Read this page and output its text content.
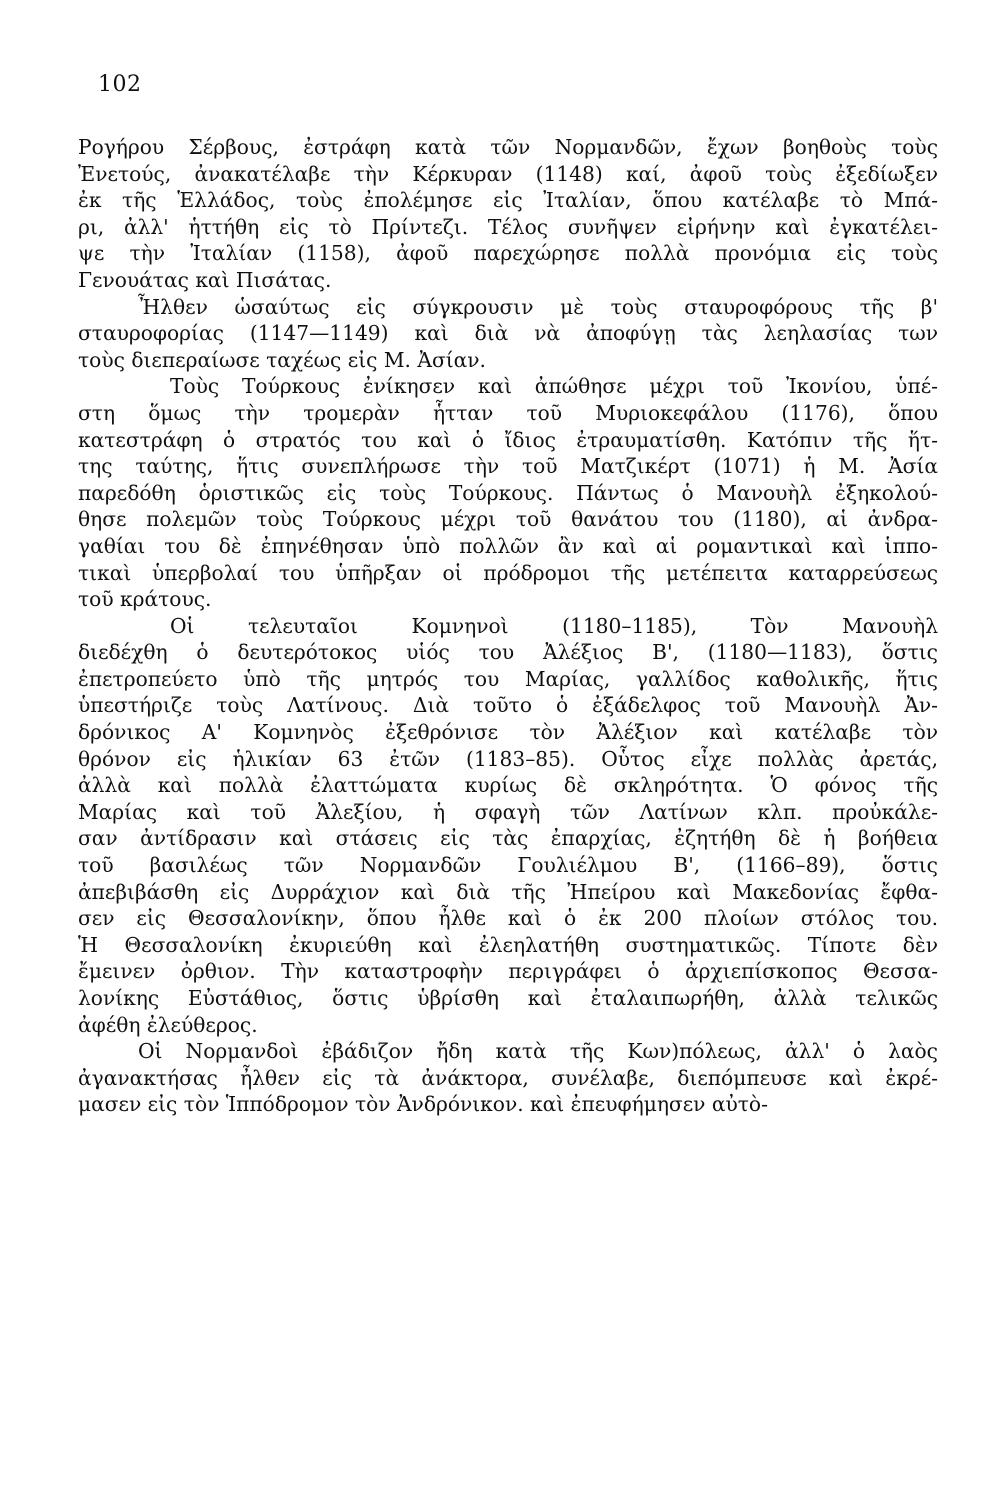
102
Ρογήρου Σέρβους, ἐστράφη κατὰ τῶν Νορμανδῶν, ἔχων βοηθοὺς τοὺς
Ἐνετούς, ἀνακατέλαβε τὴν Κέρκυραν (1148) καί, ἀφοῦ τοὺς ἐξεδίωξεν
ἐκ τῆς Ἑλλάδος, τοὺς ἐπολέμησε εἰς Ἰταλίαν, ὅπου κατέλαβε τὸ Μπά-
ρι, ἀλλ' ἡττήθη εἰς τὸ Πρίντεζι. Τέλος συνῆψεν εἰρήνην καὶ ἐγκατέλει-
ψε τὴν Ἰταλίαν (1158), ἀφοῦ παρεχώρησε πολλὰ προνόμια εἰς τοὺς
Γενουάτας καὶ Πισάτας.
Ἦλθεν ὡσαύτως εἰς σύγκρουσιν μὲ τοὺς σταυροφόρους τῆς β'
σταυροφορίας (1147—1149) καὶ διὰ νὰ ἀποφύγῃ τὰς λεηλασίας των
τοὺς διεπεραίωσε ταχέως εἰς Μ. Ἀσίαν.
Τοὺς Τούρκους ἐνίκησεν καὶ ἀπώθησε μέχρι τοῦ Ἰκονίου, ὑπέ-
στη ὅμως τὴν τρομερὰν ἧτταν τοῦ Μυριοκεφάλου (1176), ὅπου
κατεστράφη ὁ στρατός του καὶ ὁ ἴδιος ἐτραυματίσθη. Κατόπιν τῆς ἥτ-
της ταύτης, ἥτις συνεπλήρωσε τὴν τοῦ Ματζικέρτ (1071) ἡ Μ. Ἀσία
παρεδόθη ὁριστικῶς εἰς τοὺς Τούρκους. Πάντως ὁ Μανουὴλ ἐξηκολού-
θησε πολεμῶν τοὺς Τούρκους μέχρι τοῦ θανάτου του (1180), αἱ ἀνδρα-
γαθίαι του δὲ ἐπηνέθησαν ὑπὸ πολλῶν ἂν καὶ αἱ ρομαντικαὶ καὶ ἱππο-
τικαὶ ὑπερβολαί του ὑπῆρξαν οἱ πρόδρομοι τῆς μετέπειτα καταρρεύσεως
τοῦ κράτους.
Οἱ τελευταῖοι Κομνηνοὶ (1180–1185), Τὸν Μανουὴλ
διεδέχθη ὁ δευτερότοκος υἱός του Ἀλέξιος Β', (1180—1183), ὅστις
ἐπετροπεύετο ὑπὸ τῆς μητρός του Μαρίας, γαλλίδος καθολικῆς, ἥτις
ὑπεστήριζε τοὺς Λατίνους. Διὰ τοῦτο ὁ ἐξάδελφος τοῦ Μανουὴλ Ἀν-
δρόνικος Α' Κομνηνὸς ἐξεθρόνισε τὸν Ἀλέξιον καὶ κατέλαβε τὸν
θρόνον εἰς ἡλικίαν 63 ἐτῶν (1183–85). Οὗτος εἶχε πολλὰς ἀρετάς,
ἀλλὰ καὶ πολλὰ ἐλαττώματα κυρίως δὲ σκληρότητα. Ὁ φόνος τῆς
Μαρίας καὶ τοῦ Ἀλεξίου, ἡ σφαγὴ τῶν Λατίνων κλπ. προὐκάλε-
σαν ἀντίδρασιν καὶ στάσεις εἰς τὰς ἐπαρχίας, ἐζητήθη δὲ ἡ βοήθεια
τοῦ βασιλέως τῶν Νορμανδῶν Γουλιέλμου Β', (1166–89), ὅστις
ἀπεβιβάσθη εἰς Δυρράχιον καὶ διὰ τῆς Ἠπείρου καὶ Μακεδονίας ἔφθα-
σεν εἰς Θεσσαλονίκην, ὅπου ἦλθε καὶ ὁ ἐκ 200 πλοίων στόλος του.
Ἡ Θεσσαλονίκη ἐκυριεύθη καὶ ἐλεηλατήθη συστηματικῶς. Τίποτε δὲν
ἔμεινεν ὀρθιον. Τὴν καταστροφὴν περιγράφει ὁ ἀρχιεπίσκοπος Θεσσα-
λονίκης Εὐστάθιος, ὅστις ὑβρίσθη καὶ ἐταλαιπωρήθη, ἀλλὰ τελικῶς
ἀφέθη ἐλεύθερος.
Οἱ Νορμανδοὶ ἐβάδιζον ἤδη κατὰ τῆς Κων)πόλεως, ἀλλ' ὁ λαὸς
ἀγανακτήσας ἦλθεν εἰς τὰ ἀνάκτορα, συνέλαβε, διεπόμπευσε καὶ ἐκρέ-
μασεν εἰς τὸν Ἱππόδρομον τὸν Ἀνδρόνικον. καὶ ἐπευφήμησεν αὐτὸ-
